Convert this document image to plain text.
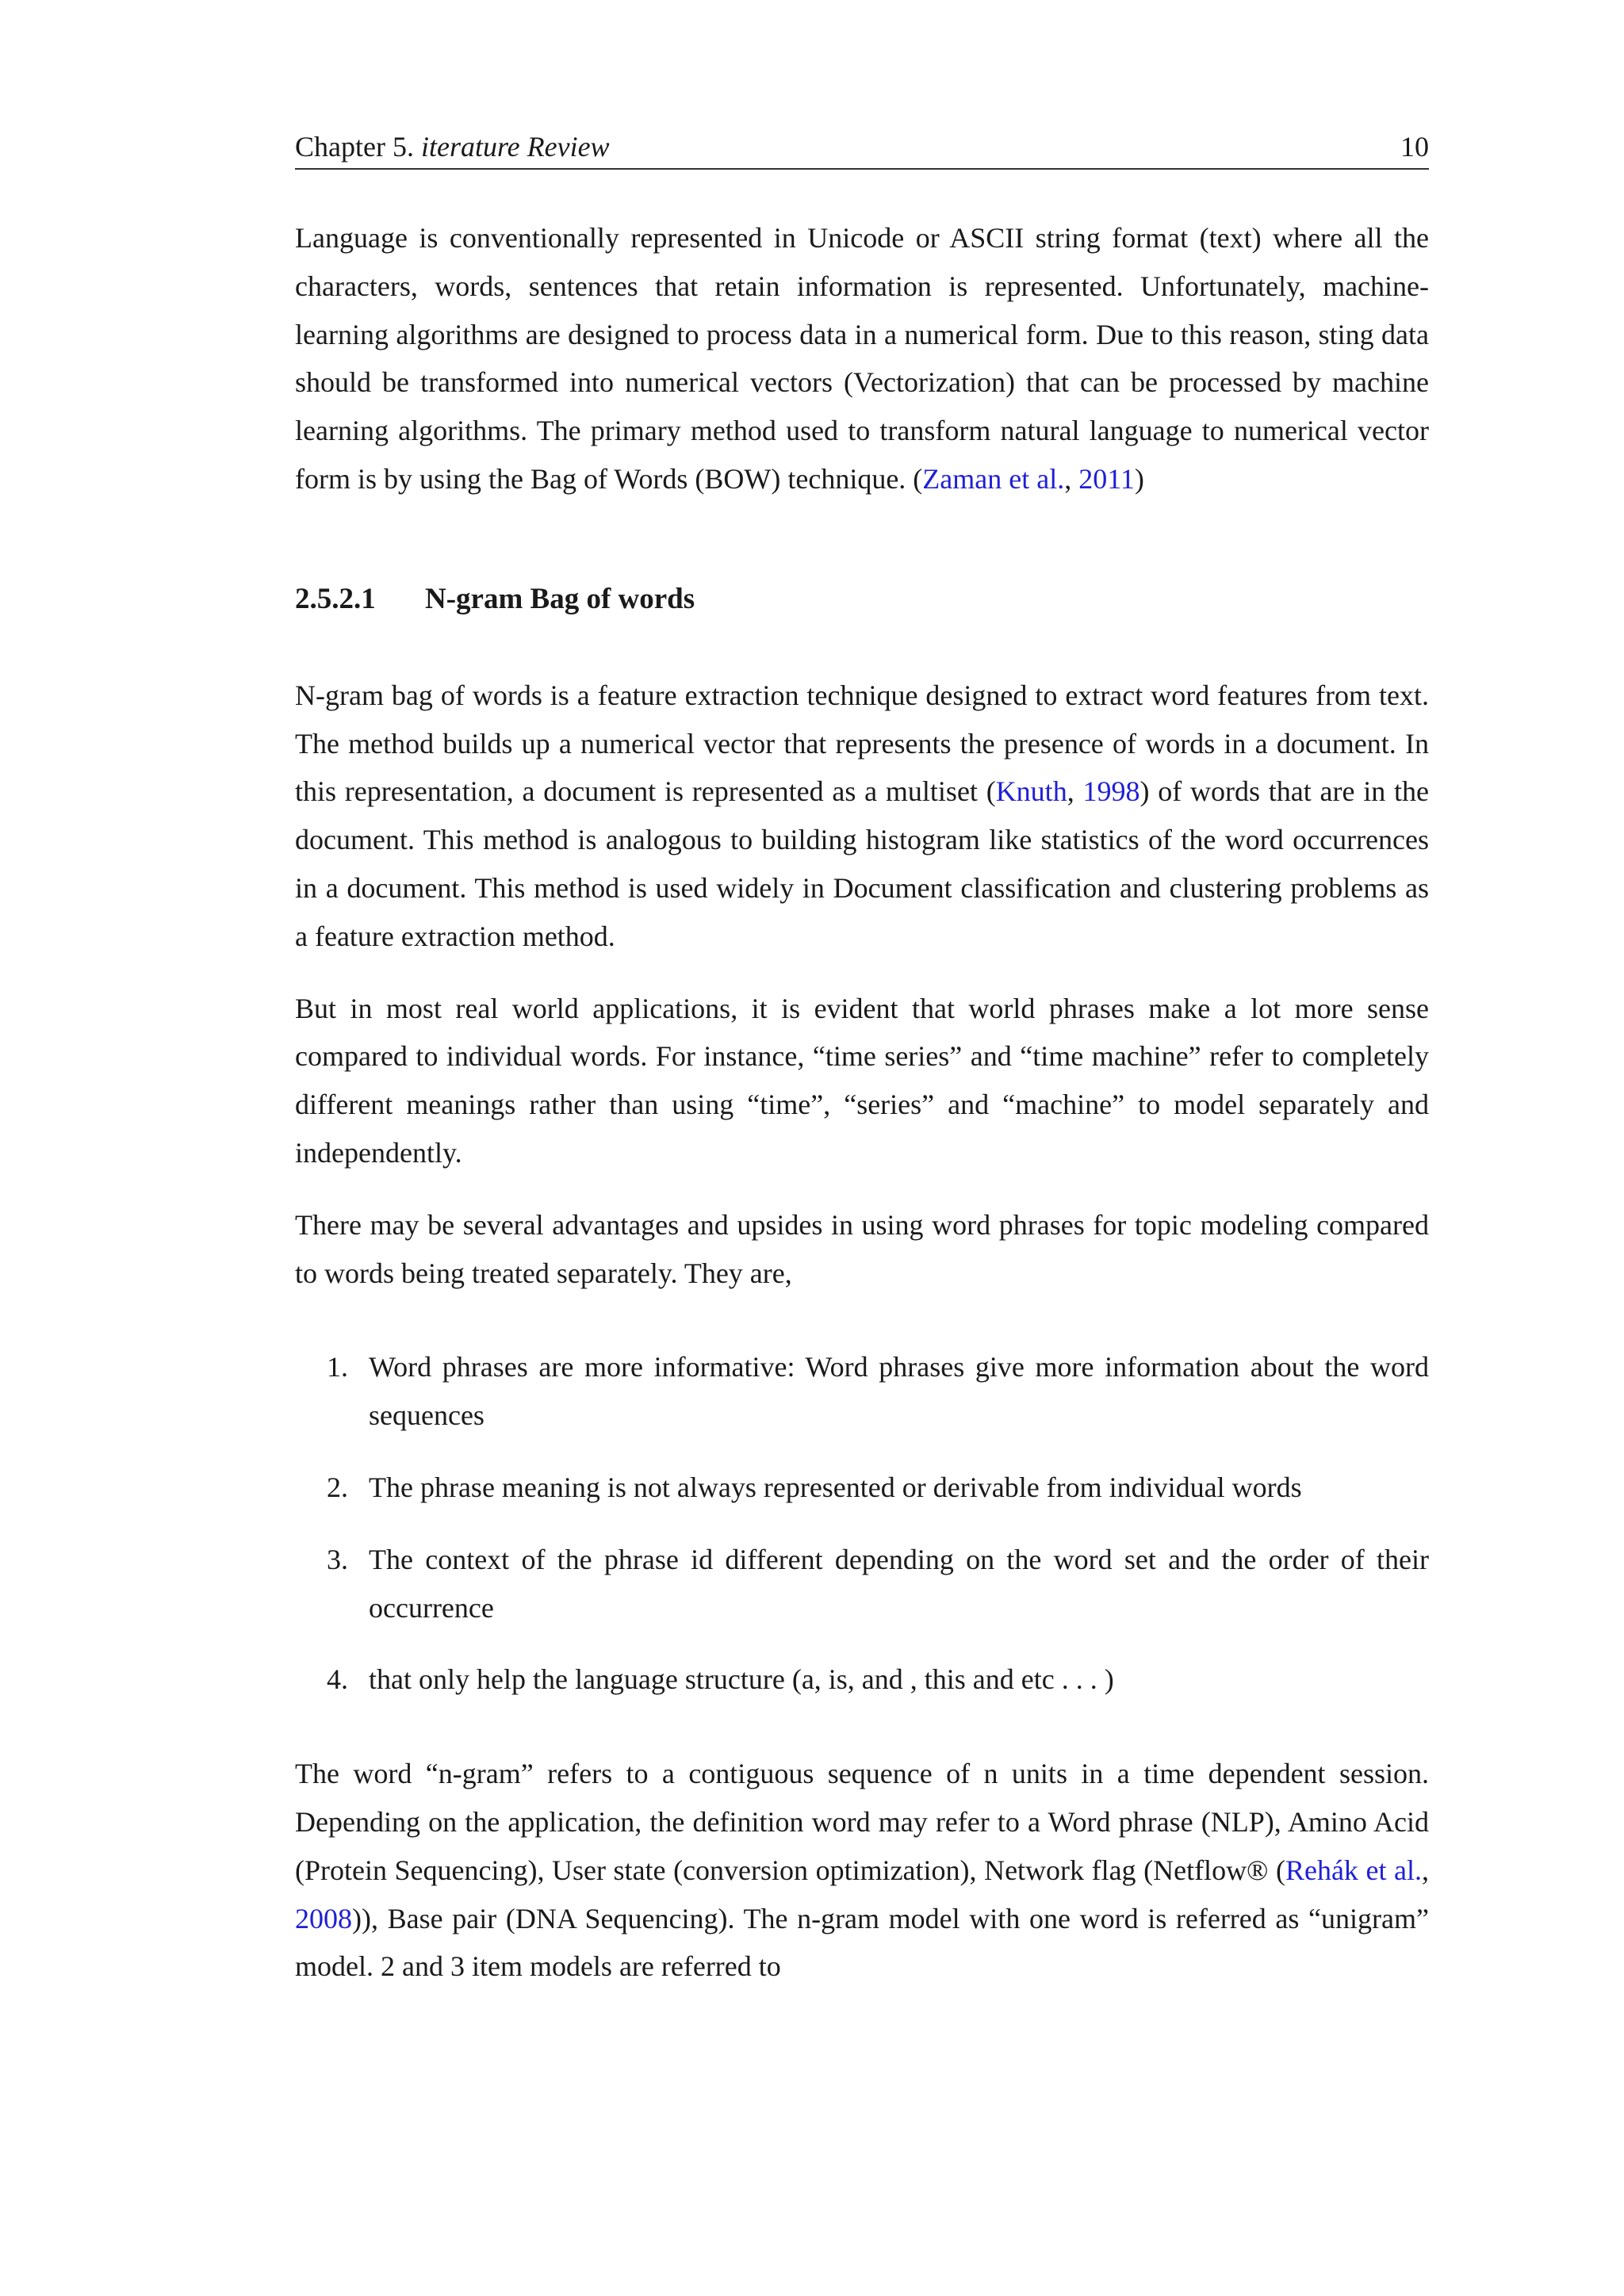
Chapter 5. iterature Review	10

Language is conventionally represented in Unicode or ASCII string format (text) where all the characters, words, sentences that retain information is represented. Unfortunately, machine-learning algorithms are designed to process data in a numerical form. Due to this reason, sting data should be transformed into numerical vectors (Vectorization) that can be processed by machine learning algorithms. The primary method used to transform natural language to numerical vector form is by using the Bag of Words (BOW) technique. (Zaman et al., 2011)

2.5.2.1 N-gram Bag of words

N-gram bag of words is a feature extraction technique designed to extract word features from text. The method builds up a numerical vector that represents the presence of words in a document. In this representation, a document is represented as a multiset (Knuth, 1998) of words that are in the document. This method is analogous to building histogram like statistics of the word occurrences in a document. This method is used widely in Document classification and clustering problems as a feature extraction method.

But in most real world applications, it is evident that world phrases make a lot more sense compared to individual words. For instance, “time series” and “time machine” refer to completely different meanings rather than using “time”, “series” and “machine” to model separately and independently.

There may be several advantages and upsides in using word phrases for topic modeling compared to words being treated separately. They are,

1. Word phrases are more informative: Word phrases give more information about the word sequences
2. The phrase meaning is not always represented or derivable from individual words
3. The context of the phrase id different depending on the word set and the order of their occurrence
4. that only help the language structure (a, is, and , this and etc . . . )

The word “n-gram” refers to a contiguous sequence of n units in a time dependent session. Depending on the application, the definition word may refer to a Word phrase (NLP), Amino Acid (Protein Sequencing), User state (conversion optimization), Network flag (Netflow® (Rehák et al., 2008)), Base pair (DNA Sequencing). The n-gram model with one word is referred as “unigram” model. 2 and 3 item models are referred to
